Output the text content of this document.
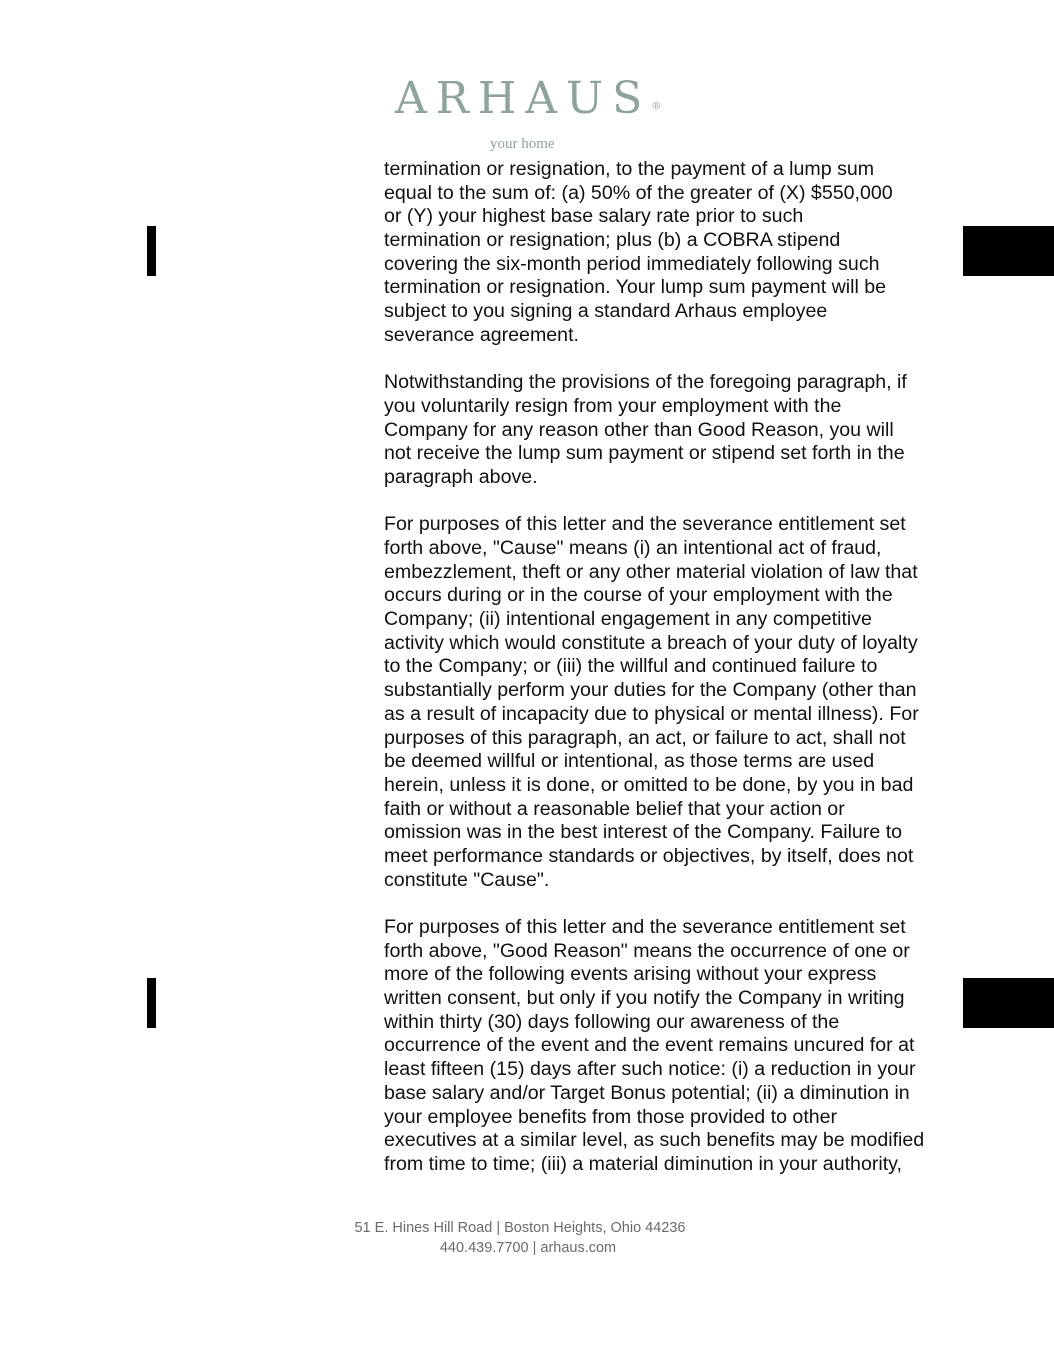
ARHAUS®
your home
termination or resignation, to the payment of a lump sum
equal to the sum of: (a) 50% of the greater of (X) $550,000
or (Y) your highest base salary rate prior to such
termination or resignation; plus (b) a COBRA stipend
covering the six-month period immediately following such
termination or resignation. Your lump sum payment will be
subject to you signing a standard Arhaus employee
severance agreement.
Notwithstanding the provisions of the foregoing paragraph, if
you voluntarily resign from your employment with the
Company for any reason other than Good Reason, you will
not receive the lump sum payment or stipend set forth in the
paragraph above.
For purposes of this letter and the severance entitlement set
forth above, "Cause" means (i) an intentional act of fraud,
embezzlement, theft or any other material violation of law that
occurs during or in the course of your employment with the
Company; (ii) intentional engagement in any competitive
activity which would constitute a breach of your duty of loyalty
to the Company; or (iii) the willful and continued failure to
substantially perform your duties for the Company (other than
as a result of incapacity due to physical or mental illness). For
purposes of this paragraph, an act, or failure to act, shall not
be deemed willful or intentional, as those terms are used
herein, unless it is done, or omitted to be done, by you in bad
faith or without a reasonable belief that your action or
omission was in the best interest of the Company. Failure to
meet performance standards or objectives, by itself, does not
constitute "Cause".
For purposes of this letter and the severance entitlement set
forth above, "Good Reason" means the occurrence of one or
more of the following events arising without your express
written consent, but only if you notify the Company in writing
within thirty (30) days following our awareness of the
occurrence of the event and the event remains uncured for at
least fifteen (15) days after such notice: (i) a reduction in your
base salary and/or Target Bonus potential; (ii) a diminution in
your employee benefits from those provided to other
executives at a similar level, as such benefits may be modified
from time to time; (iii) a material diminution in your authority,
51 E. Hines Hill Road | Boston Heights, Ohio 44236
440.439.7700 | arhaus.com
